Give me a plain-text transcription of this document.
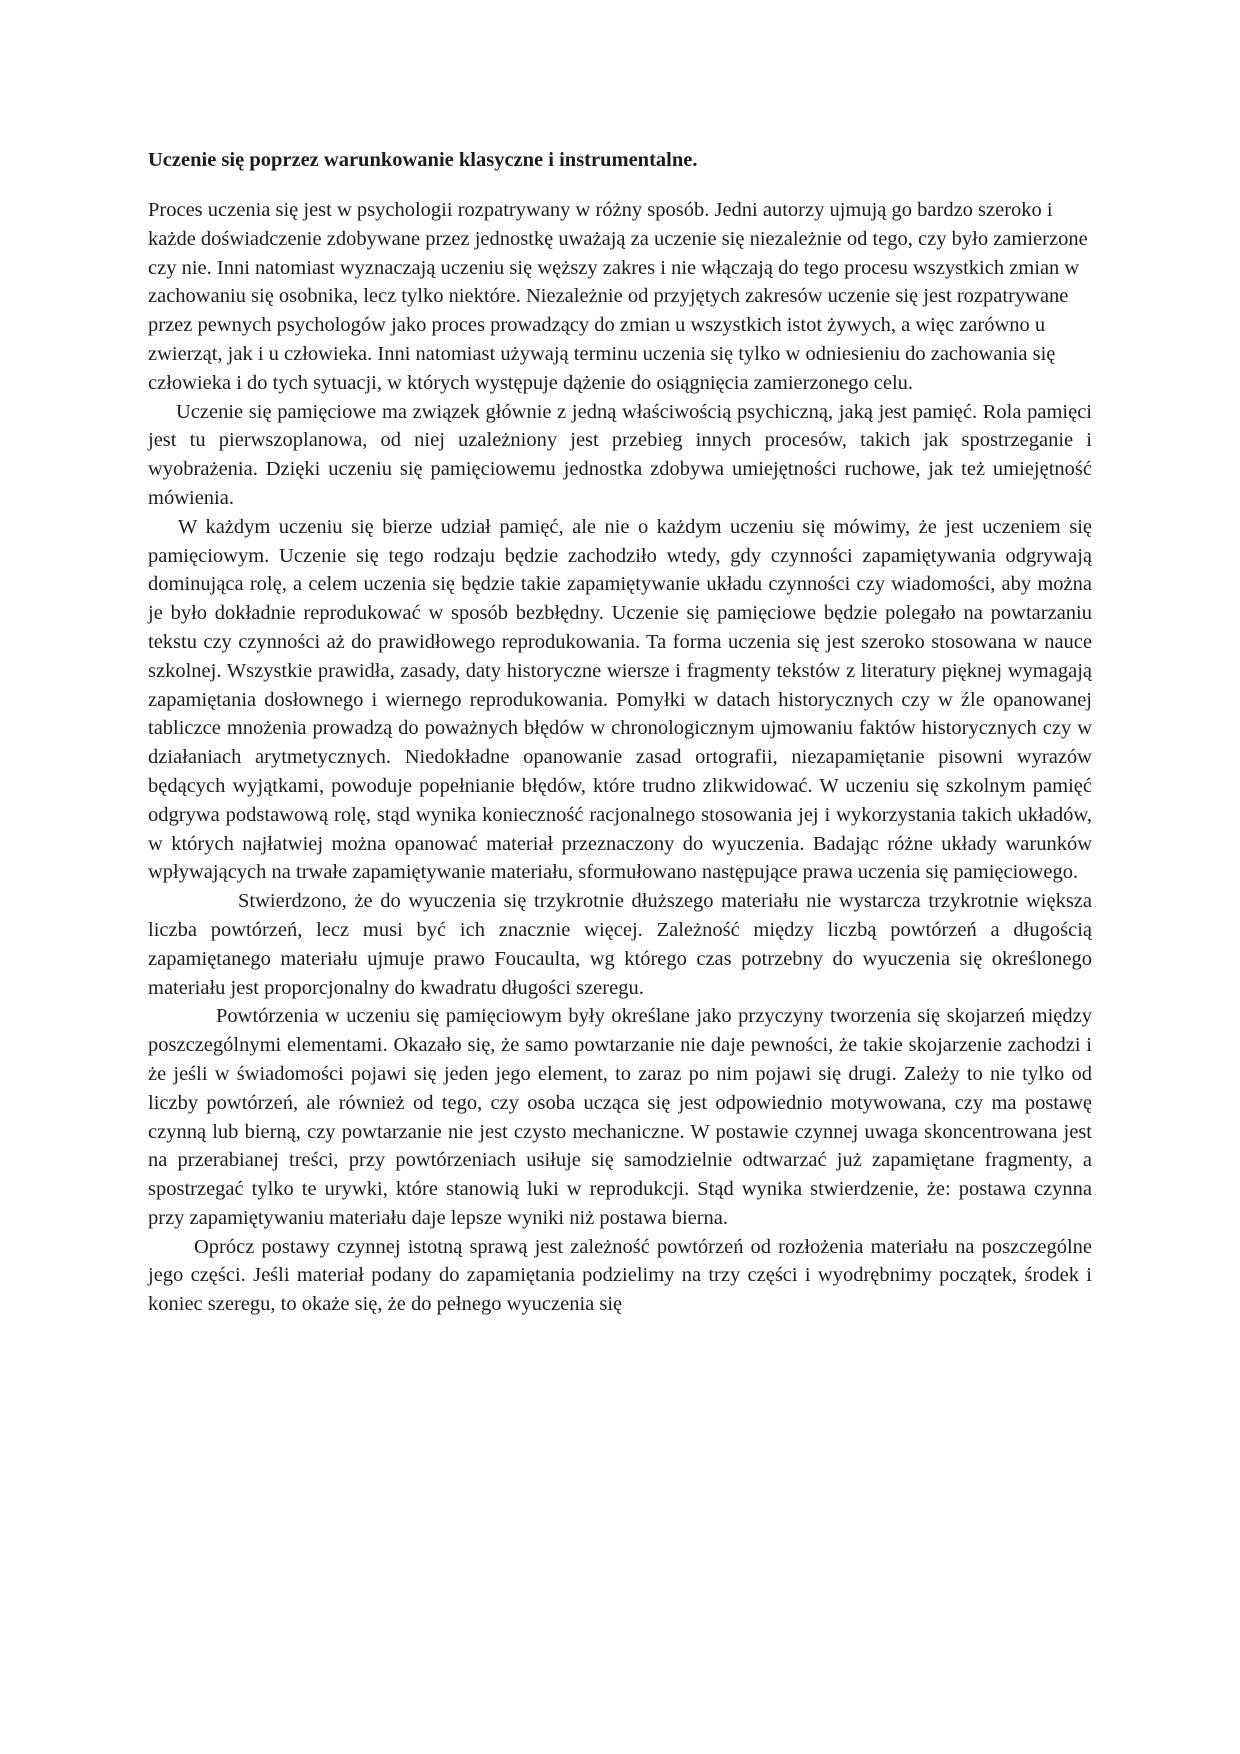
Uczenie się poprzez warunkowanie klasyczne i instrumentalne.

Proces uczenia się jest w psychologii rozpatrywany w różny sposób. Jedni autorzy ujmują go bardzo szeroko i każde doświadczenie zdobywane przez jednostkę uważają za uczenie się niezależnie od tego, czy było zamierzone czy nie. Inni natomiast wyznaczają uczeniu się węższy zakres i nie włączają do tego procesu wszystkich zmian w zachowaniu się osobnika, lecz tylko niektóre. Niezależnie od przyjętych zakresów uczenie się jest rozpatrywane przez pewnych psychologów jako proces prowadzący do zmian u wszystkich istot żywych, a więc zarówno u zwierząt, jak i u człowieka. Inni natomiast używają terminu uczenia się tylko w odniesieniu do zachowania się człowieka i do tych sytuacji, w których występuje dążenie do osiągnięcia zamierzonego celu.

Uczenie się pamięciowe ma związek głównie z jedną właściwością psychiczną, jaką jest pamięć. Rola pamięci jest tu pierwszoplanowa, od niej uzależniony jest przebieg innych procesów, takich jak spostrzeganie i wyobrażenia. Dzięki uczeniu się pamięciowemu jednostka zdobywa umiejętności ruchowe, jak też umiejętność mówienia.

W każdym uczeniu się bierze udział pamięć, ale nie o każdym uczeniu się mówimy, że jest uczeniem się pamięciowym. Uczenie się tego rodzaju będzie zachodziło wtedy, gdy czynności zapamiętywania odgrywają dominująca rolę, a celem uczenia się będzie takie zapamiętywanie układu czynności czy wiadomości, aby można je było dokładnie reprodukować w sposób bezbłędny. Uczenie się pamięciowe będzie polegało na powtarzaniu tekstu czy czynności aż do prawidłowego reprodukowania. Ta forma uczenia się jest szeroko stosowana w nauce szkolnej. Wszystkie prawidła, zasady, daty historyczne wiersze i fragmenty tekstów z literatury pięknej wymagają zapamiętania dosłownego i wiernego reprodukowania. Pomyłki w datach historycznych czy w źle opanowanej tabliczce mnożenia prowadzą do poważnych błędów w chronologicznym ujmowaniu faktów historycznych czy w działaniach arytmetycznych. Niedokładne opanowanie zasad ortografii, niezapamiętanie pisowni wyrazów będących wyjątkami, powoduje popełnianie błędów, które trudno zlikwidować. W uczeniu się szkolnym pamięć odgrywa podstawową rolę, stąd wynika konieczność racjonalnego stosowania jej i wykorzystania takich układów, w których najłatwiej można opanować materiał przeznaczony do wyuczenia. Badając różne układy warunków wpływających na trwałe zapamiętywanie materiału, sformułowano następujące prawa uczenia się pamięciowego.

Stwierdzono, że do wyuczenia się trzykrotnie dłuższego materiału nie wystarcza trzykrotnie większa liczba powtórzeń, lecz musi być ich znacznie więcej. Zależność między liczbą powtórzeń a długością zapamiętanego materiału ujmuje prawo Foucaulta, wg którego czas potrzebny do wyuczenia się określonego materiału jest proporcjonalny do kwadratu długości szeregu.

Powtórzenia w uczeniu się pamięciowym były określane jako przyczyny tworzenia się skojarzeń między poszczególnymi elementami. Okazało się, że samo powtarzanie nie daje pewności, że takie skojarzenie zachodzi i że jeśli w świadomości pojawi się jeden jego element, to zaraz po nim pojawi się drugi. Zależy to nie tylko od liczby powtórzeń, ale również od tego, czy osoba ucząca się jest odpowiednio motywowana, czy ma postawę czynną lub bierną, czy powtarzanie nie jest czysto mechaniczne. W postawie czynnej uwaga skoncentrowana jest na przerabianej treści, przy powtórzeniach usiłuje się samodzielnie odtwarzać już zapamiętane fragmenty, a spostrzegać tylko te urywki, które stanowią luki w reprodukcji. Stąd wynika stwierdzenie, że: postawa czynna przy zapamiętywaniu materiału daje lepsze wyniki niż postawa bierna.

Oprócz postawy czynnej istotną sprawą jest zależność powtórzeń od rozłożenia materiału na poszczególne jego części. Jeśli materiał podany do zapamiętania podzielimy na trzy części i wyodrębnimy początek, środek i koniec szeregu, to okaże się, że do pełnego wyuczenia się
